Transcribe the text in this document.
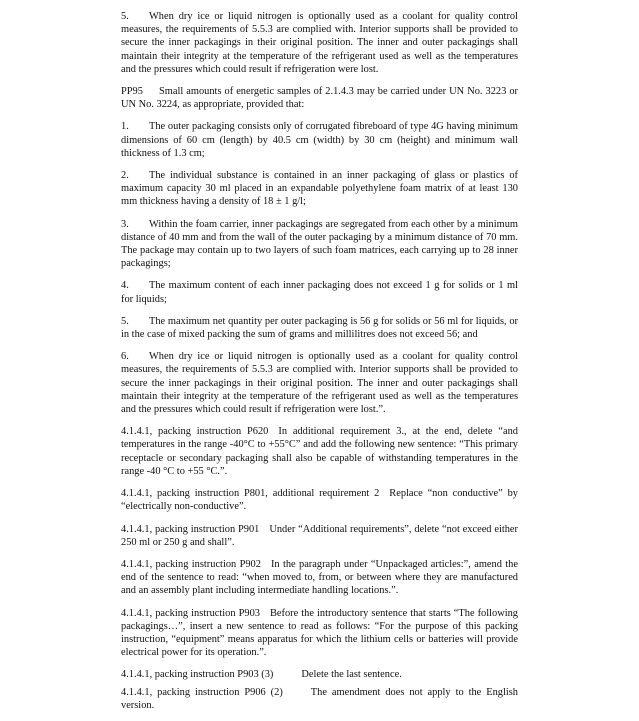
5. When dry ice or liquid nitrogen is optionally used as a coolant for quality control measures, the requirements of 5.5.3 are complied with. Interior supports shall be provided to secure the inner packagings in their original position. The inner and outer packagings shall maintain their integrity at the temperature of the refrigerant used as well as the temperatures and the pressures which could result if refrigeration were lost.

PP95 Small amounts of energetic samples of 2.1.4.3 may be carried under UN No. 3223 or UN No. 3224, as appropriate, provided that:

1. The outer packaging consists only of corrugated fibreboard of type 4G having minimum dimensions of 60 cm (length) by 40.5 cm (width) by 30 cm (height) and minimum wall thickness of 1.3 cm;

2. The individual substance is contained in an inner packaging of glass or plastics of maximum capacity 30 ml placed in an expandable polyethylene foam matrix of at least 130 mm thickness having a density of 18 ± 1 g/l;

3. Within the foam carrier, inner packagings are segregated from each other by a minimum distance of 40 mm and from the wall of the outer packaging by a minimum distance of 70 mm. The package may contain up to two layers of such foam matrices, each carrying up to 28 inner packagings;

4. The maximum content of each inner packaging does not exceed 1 g for solids or 1 ml for liquids;

5. The maximum net quantity per outer packaging is 56 g for solids or 56 ml for liquids, or in the case of mixed packing the sum of grams and millilitres does not exceed 56; and

6. When dry ice or liquid nitrogen is optionally used as a coolant for quality control measures, the requirements of 5.5.3 are complied with. Interior supports shall be provided to secure the inner packagings in their original position. The inner and outer packagings shall maintain their integrity at the temperature of the refrigerant used as well as the temperatures and the pressures which could result if refrigeration were lost.”.

4.1.4.1, packing instruction P620 In additional requirement 3., at the end, delete “and temperatures in the range -40°C to +55°C” and add the following new sentence: “This primary receptacle or secondary packaging shall also be capable of withstanding temperatures in the range -40 °C to +55 °C.”.

4.1.4.1, packing instruction P801, additional requirement 2 Replace “non conductive” by “electrically non-conductive”.

4.1.4.1, packing instruction P901 Under “Additional requirements”, delete “not exceed either 250 ml or 250 g and shall”.

4.1.4.1, packing instruction P902 In the paragraph under “Unpackaged articles:”, amend the end of the sentence to read: “when moved to, from, or between where they are manufactured and an assembly plant including intermediate handling locations.”.

4.1.4.1, packing instruction P903 Before the introductory sentence that starts “The following packagings…”, insert a new sentence to read as follows: “For the purpose of this packing instruction, “equipment” means apparatus for which the lithium cells or batteries will provide electrical power for its operation.”.

4.1.4.1, packing instruction P903 (3)	Delete the last sentence.

4.1.4.1, packing instruction P906 (2)	The amendment does not apply to the English version.
